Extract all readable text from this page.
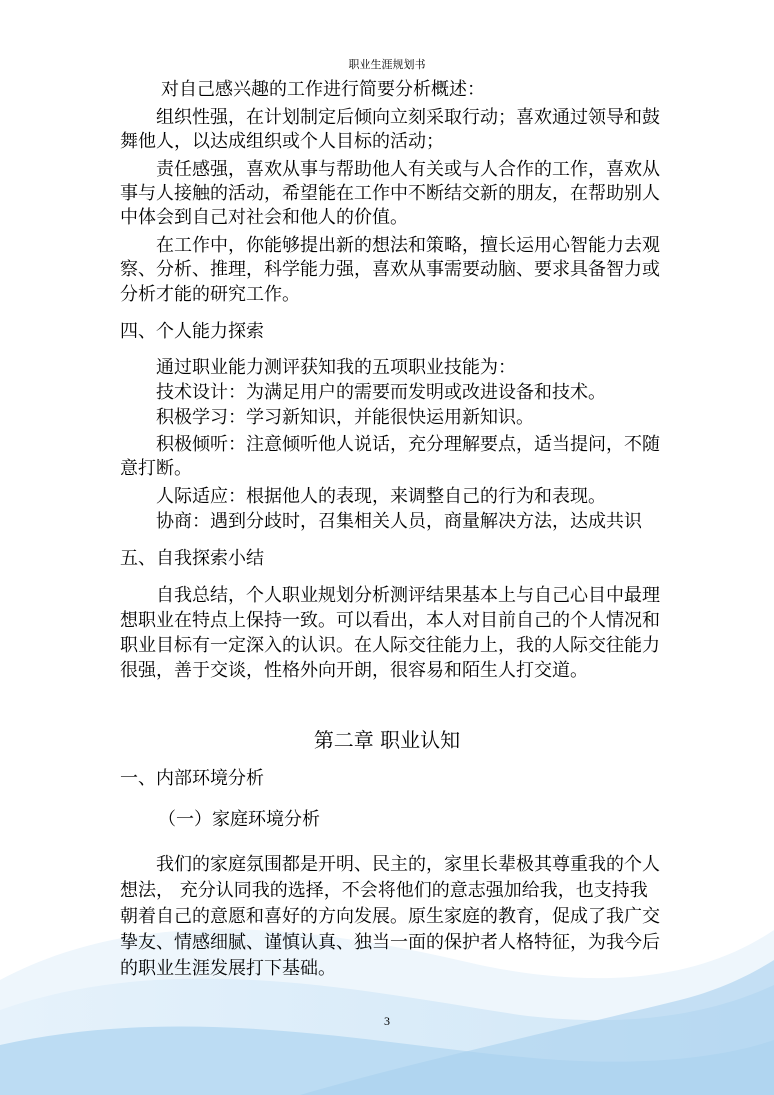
职业生涯规划书
对自己感兴趣的工作进行简要分析概述：
组织性强，在计划制定后倾向立刻采取行动；喜欢通过领导和鼓
舞他人，以达成组织或个人目标的活动；
责任感强，喜欢从事与帮助他人有关或与人合作的工作，喜欢从
事与人接触的活动，希望能在工作中不断结交新的朋友，在帮助别人
中体会到自己对社会和他人的价值。
在工作中，你能够提出新的想法和策略，擅长运用心智能力去观
察、分析、推理，科学能力强，喜欢从事需要动脑、要求具备智力或
分析才能的研究工作。
四、个人能力探索
通过职业能力测评获知我的五项职业技能为：
技术设计：为满足用户的需要而发明或改进设备和技术。
积极学习：学习新知识，并能很快运用新知识。
积极倾听：注意倾听他人说话，充分理解要点，适当提问，不随
意打断。
人际适应：根据他人的表现，来调整自己的行为和表现。
协商：遇到分歧时，召集相关人员，商量解决方法，达成共识
五、自我探索小结
自我总结，个人职业规划分析测评结果基本上与自己心目中最理
想职业在特点上保持一致。可以看出，本人对目前自己的个人情况和
职业目标有一定深入的认识。在人际交往能力上，我的人际交往能力
很强，善于交谈，性格外向开朗，很容易和陌生人打交道。
第二章 职业认知
一、内部环境分析
（一）家庭环境分析
我们的家庭氛围都是开明、民主的，家里长辈极其尊重我的个人
想法， 充分认同我的选择，不会将他们的意志强加给我，也支持我
朝着自己的意愿和喜好的方向发展。原生家庭的教育，促成了我广交
挚友、情感细腻、谨慎认真、独当一面的保护者人格特征，为我今后
的职业生涯发展打下基础。
3
